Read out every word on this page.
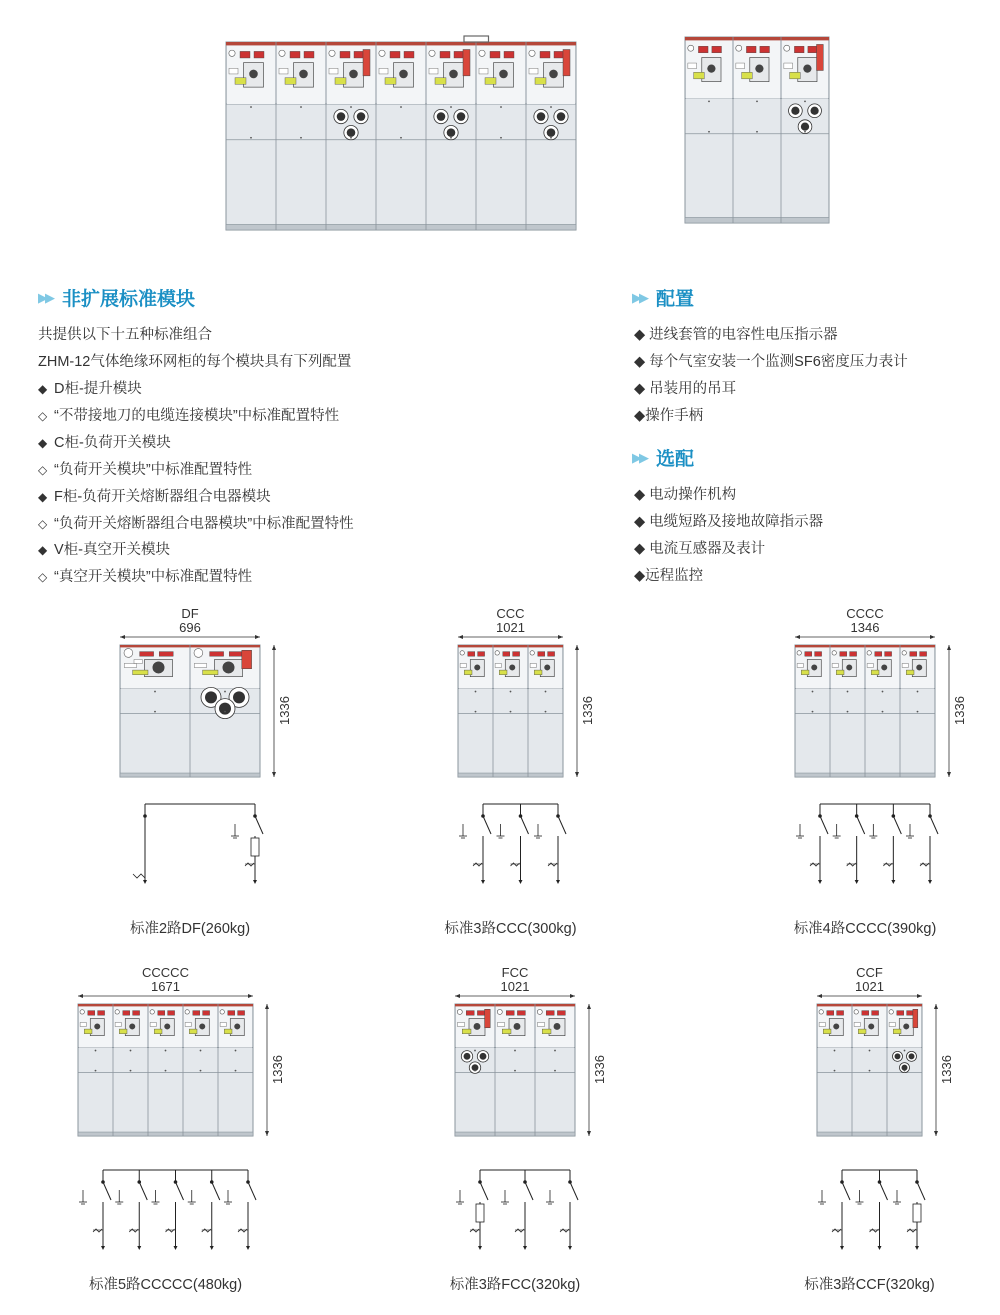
▶▶ 非扩展标准模块
共提供以下十五种标准组合
ZHM-12气体绝缘环网柜的每个模块具有下列配置
◆ D柜-提升模块
◇ “不带接地刀的电缆连接模块”中标准配置特性
◆ C柜-负荷开关模块
◇ “负荷开关模块”中标准配置特性
◆ F柜-负荷开关熔断器组合电器模块
◇ “负荷开关熔断器组合电器模块”中标准配置特性
◆ V柜-真空开关模块
◇ “真空开关模块”中标准配置特性
▶▶ 配置
◆ 进线套管的电容性电压指示器
◆ 每个气室安装一个监测SF6密度压力表计
◆ 吊装用的吊耳
◆操作手柄
▶▶ 选配
◆ 电动操作机构
◆ 电缆短路及接地故障指示器
◆ 电流互感器及表计
◆远程监控
DF
696
1336
标准2路DF(260kg)
CCC
1021
1336
标准3路CCC(300kg)
CCCC
1346
1336
标准4路CCCC(390kg)
CCCCC
1671
1336
标准5路CCCCC(480kg)
FCC
1021
1336
标准3路FCC(320kg)
CCF
1021
1336
标准3路CCF(320kg)
